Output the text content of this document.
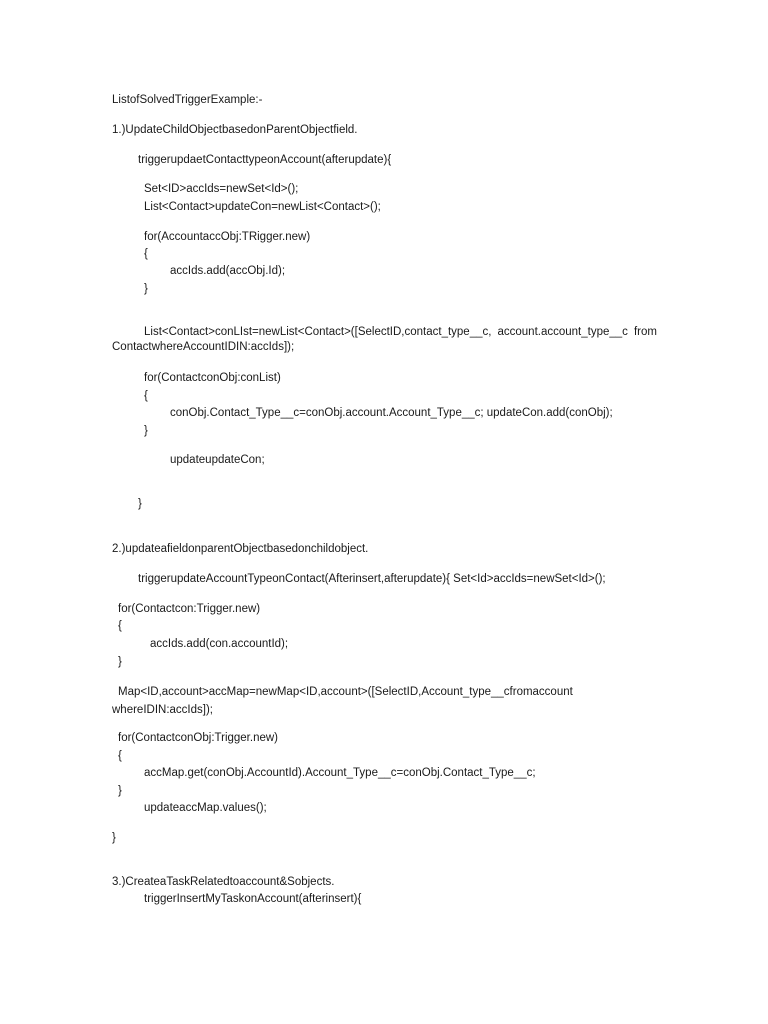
ListofSolvedTriggerExample:-
1.)UpdateChildObjectbasedonParentObjectfield.
triggerupdaetContacttypeonAccount(afterupdate){
Set<ID>accIds=newSet<Id>();
List<Contact>updateCon=newList<Contact>();
for(AccountaccObj:TRigger.new)
{
accIds.add(accObj.Id);
}
List<Contact>conLIst=newList<Contact>([SelectID,contact_type__c, account.account_type__c from ContactwhereAccountIDIN:accIds]);
for(ContactconObj:conList)
{
conObj.Contact_Type__c=conObj.account.Account_Type__c; updateCon.add(conObj);
}
updateupdateCon;
}
2.)updateafieldonparentObjectbasedonchildobject.
triggerupdateAccountTypeonContact(Afterinsert,afterupdate){ Set<Id>accIds=newSet<Id>();
for(Contactcon:Trigger.new)
{
accIds.add(con.accountId);
}
Map<ID,account>accMap=newMap<ID,account>([SelectID,Account_type__cfromaccount whereIDIN:accIds]);
for(ContactconObj:Trigger.new)
{
accMap.get(conObj.AccountId).Account_Type__c=conObj.Contact_Type__c;
}
updateaccMap.values();
}
3.)CreateaTaskRelatedtoaccount&Sobjects.
triggerInsertMyTaskonAccount(afterinsert){
